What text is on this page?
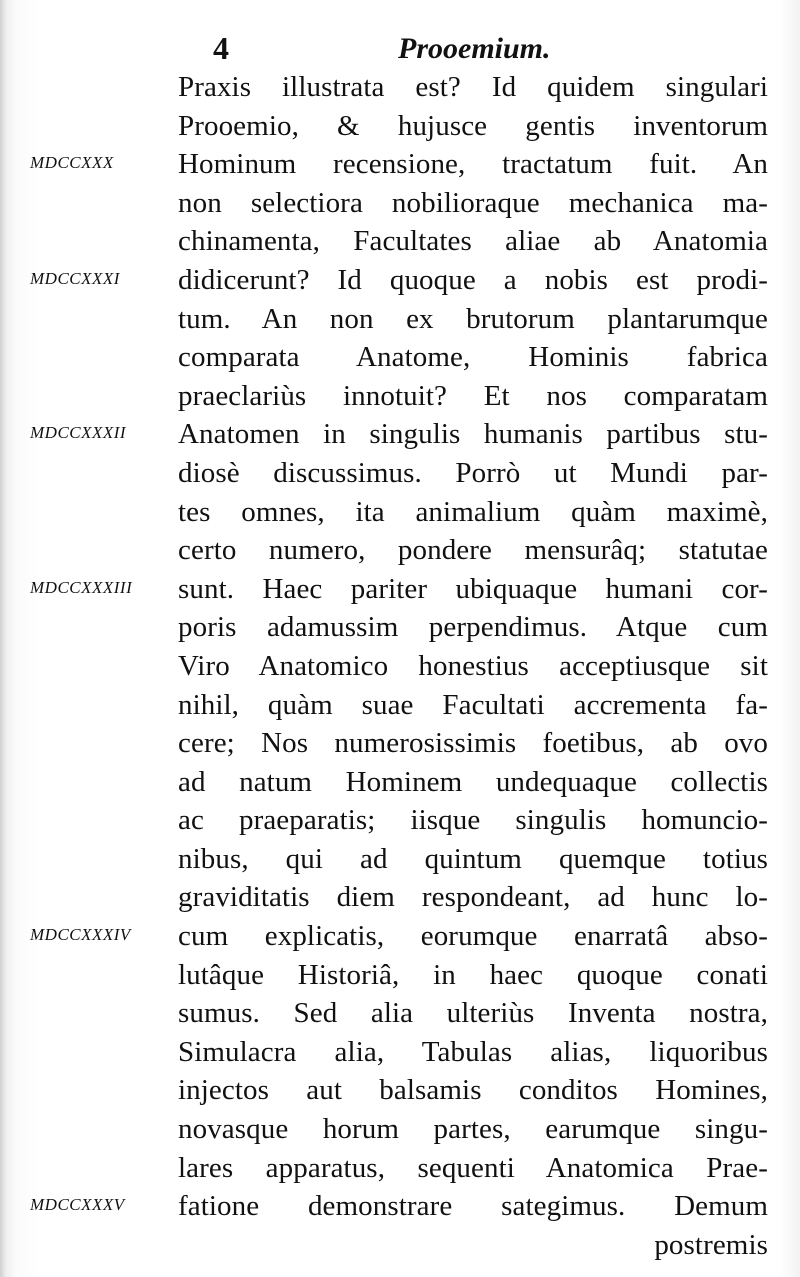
4	Prooemium.
MDCCXXX
MDCCXXXI
MDCCXXXII
MDCCXXXIII
MDCCXXXIV
MDCCXXXV
Praxis illustrata est? Id quidem singulari
Prooemio, & hujusce gentis inventorum
Hominum recensione, tractatum fuit. An
non selectiora nobilioraque mechanica ma-
chinamenta, Facultates aliae ab Anatomia
didicerunt? Id quoque a nobis est prodi-
tum. An non ex brutorum plantarumque
comparata Anatome, Hominis fabrica
praeclariùs innotuit? Et nos comparatam
Anatomen in singulis humanis partibus stu-
diosè discussimus. Porrò ut Mundi par-
tes omnes, ita animalium quàm maximè,
certo numero, pondere mensurâq; statutae
sunt. Haec pariter ubiquaque humani cor-
poris adamussim perpendimus. Atque cum
Viro Anatomico honestius acceptiusque sit
nihil, quàm suae Facultati accrementa fa-
cere; Nos numerosissimis foetibus, ab ovo
ad natum Hominem undequaque collectis
ac praeparatis; iisque singulis homuncio-
nibus, qui ad quintum quemque totius
graviditatis diem respondeant, ad hunc lo-
cum explicatis, eorumque enarratâ abso-
lutâque Historiâ, in haec quoque conati
sumus. Sed alia ulteriùs Inventa nostra,
Simulacra alia, Tabulas alias, liquoribus
injectos aut balsamis conditos Homines,
novasque horum partes, earumque singu-
lares apparatus, sequenti Anatomica Prae-
fatione demonstrare sategimus. Demum
postremis
